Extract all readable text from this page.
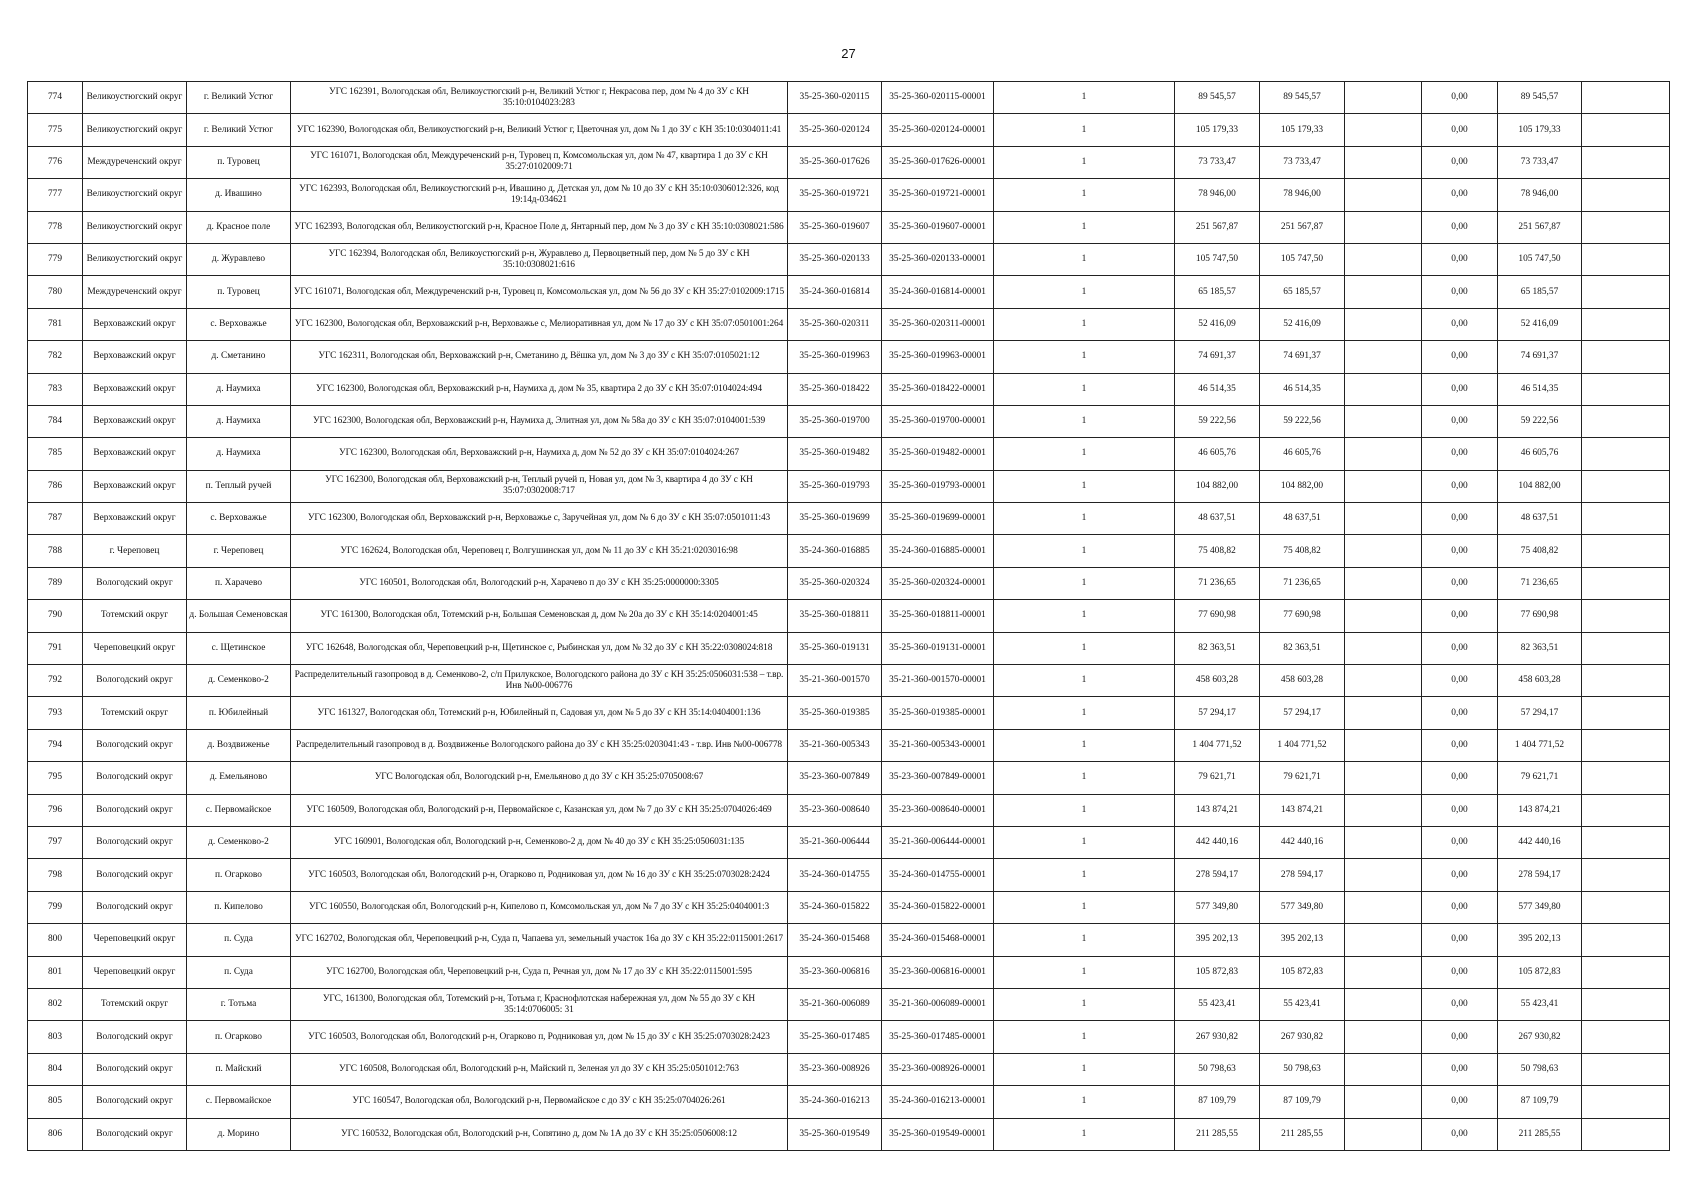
27
774	Великоустюгский округ	г. Великий Устюг	УГС 162391, Вологодская обл, Великоустюгский р-н, Великий Устюг г, Некрасова пер, дом № 4 до ЗУ с КН 35:10:0104023:283	35-25-360-020115	35-25-360-020115-00001	1	89 545,57	89 545,57		0,00	89 545,57	
775	Великоустюгский округ	г. Великий Устюг	УГС 162390, Вологодская обл, Великоустюгский р-н, Великий Устюг г, Цветочная ул, дом № 1 до ЗУ с КН 35:10:0304011:41	35-25-360-020124	35-25-360-020124-00001	1	105 179,33	105 179,33		0,00	105 179,33	
776	Междуреченский округ	п. Туровец	УГС 161071, Вологодская обл, Междуреченский р-н, Туровец п, Комсомольская ул, дом № 47, квартира 1 до ЗУ с КН 35:27:0102009:71	35-25-360-017626	35-25-360-017626-00001	1	73 733,47	73 733,47		0,00	73 733,47	
777	Великоустюгский округ	д. Ивашино	УГС 162393, Вологодская обл, Великоустюгский р-н, Ивашино д, Детская ул, дом № 10 до ЗУ с КН 35:10:0306012:326, код 19:14д-034621	35-25-360-019721	35-25-360-019721-00001	1	78 946,00	78 946,00		0,00	78 946,00	
778	Великоустюгский округ	д. Красное поле	УГС 162393, Вологодская обл, Великоустюгский р-н, Красное Поле д, Янтарный пер, дом № 3 до ЗУ с КН 35:10:0308021:586	35-25-360-019607	35-25-360-019607-00001	1	251 567,87	251 567,87		0,00	251 567,87	
779	Великоустюгский округ	д. Журавлево	УГС 162394, Вологодская обл, Великоустюгский р-н, Журавлево д, Первоцветный пер, дом № 5 до ЗУ с КН 35:10:0308021:616	35-25-360-020133	35-25-360-020133-00001	1	105 747,50	105 747,50		0,00	105 747,50	
780	Междуреченский округ	п. Туровец	УГС 161071, Вологодская обл, Междуреченский р-н, Туровец п, Комсомольская ул, дом № 56 до ЗУ с КН 35:27:0102009:1715	35-24-360-016814	35-24-360-016814-00001	1	65 185,57	65 185,57		0,00	65 185,57	
781	Верховажский округ	с. Верховажье	УГС 162300, Вологодская обл, Верховажский р-н, Верховажье с, Мелиоративная ул, дом № 17 до ЗУ с КН 35:07:0501001:264	35-25-360-020311	35-25-360-020311-00001	1	52 416,09	52 416,09		0,00	52 416,09	
782	Верховажский округ	д. Сметанино	УГС 162311, Вологодская обл, Верховажский р-н, Сметанино д, Вёшка ул, дом № 3 до ЗУ с КН 35:07:0105021:12	35-25-360-019963	35-25-360-019963-00001	1	74 691,37	74 691,37		0,00	74 691,37	
783	Верховажский округ	д. Наумиха	УГС 162300, Вологодская обл, Верховажский р-н, Наумиха д, дом № 35, квартира 2 до ЗУ с КН 35:07:0104024:494	35-25-360-018422	35-25-360-018422-00001	1	46 514,35	46 514,35		0,00	46 514,35	
784	Верховажский округ	д. Наумиха	УГС 162300, Вологодская обл, Верховажский р-н, Наумиха д, Элитная ул, дом № 58а до ЗУ с КН 35:07:0104001:539	35-25-360-019700	35-25-360-019700-00001	1	59 222,56	59 222,56		0,00	59 222,56	
785	Верховажский округ	д. Наумиха	УГС 162300, Вологодская обл, Верховажский р-н, Наумиха д, дом № 52 до ЗУ с КН 35:07:0104024:267	35-25-360-019482	35-25-360-019482-00001	1	46 605,76	46 605,76		0,00	46 605,76	
786	Верховажский округ	п. Теплый ручей	УГС 162300, Вологодская обл, Верховажский р-н, Теплый ручей п, Новая ул, дом № 3, квартира 4 до ЗУ с КН 35:07:0302008:717	35-25-360-019793	35-25-360-019793-00001	1	104 882,00	104 882,00		0,00	104 882,00	
787	Верховажский округ	с. Верховажье	УГС 162300, Вологодская обл, Верховажский р-н, Верховажье с, Заручейная ул, дом № 6 до ЗУ с КН 35:07:0501011:43	35-25-360-019699	35-25-360-019699-00001	1	48 637,51	48 637,51		0,00	48 637,51	
788	г. Череповец	г. Череповец	УГС 162624, Вологодская обл, Череповец г, Волгушинская ул, дом № 11 до ЗУ с КН 35:21:0203016:98	35-24-360-016885	35-24-360-016885-00001	1	75 408,82	75 408,82		0,00	75 408,82	
789	Вологодский округ	п. Харачево	УГС 160501, Вологодская обл, Вологодский р-н, Харачево п до ЗУ с КН 35:25:0000000:3305	35-25-360-020324	35-25-360-020324-00001	1	71 236,65	71 236,65		0,00	71 236,65	
790	Тотемский округ	д. Большая Семеновская	УГС 161300, Вологодская обл, Тотемский р-н, Большая Семеновская д, дом № 20а до ЗУ с КН 35:14:0204001:45	35-25-360-018811	35-25-360-018811-00001	1	77 690,98	77 690,98		0,00	77 690,98	
791	Череповецкий округ	с. Щетинское	УГС 162648, Вологодская обл, Череповецкий р-н, Щетинское с, Рыбинская ул, дом № 32 до ЗУ с КН 35:22:0308024:818	35-25-360-019131	35-25-360-019131-00001	1	82 363,51	82 363,51		0,00	82 363,51	
792	Вологодский округ	д. Семенково-2	Распределительный газопровод в д. Семенково-2, с/п Прилукское, Вологодского района до ЗУ с КН 35:25:0506031:538 – т.вр. Инв №00-006776	35-21-360-001570	35-21-360-001570-00001	1	458 603,28	458 603,28		0,00	458 603,28	
793	Тотемский округ	п. Юбилейный	УГС 161327, Вологодская обл, Тотемский р-н, Юбилейный п, Садовая ул, дом № 5 до ЗУ с КН 35:14:0404001:136	35-25-360-019385	35-25-360-019385-00001	1	57 294,17	57 294,17		0,00	57 294,17	
794	Вологодский округ	д. Воздвиженье	Распределительный газопровод в д. Воздвиженье Вологодского района до ЗУ с КН 35:25:0203041:43 - т.вр. Инв №00-006778	35-21-360-005343	35-21-360-005343-00001	1	1 404 771,52	1 404 771,52		0,00	1 404 771,52	
795	Вологодский округ	д. Емельяново	УГС Вологодская обл, Вологодский р-н, Емельяново д до ЗУ с КН 35:25:0705008:67	35-23-360-007849	35-23-360-007849-00001	1	79 621,71	79 621,71		0,00	79 621,71	
796	Вологодский округ	с. Первомайское	УГС 160509, Вологодская обл, Вологодский р-н, Первомайское с, Казанская ул, дом № 7 до ЗУ с КН 35:25:0704026:469	35-23-360-008640	35-23-360-008640-00001	1	143 874,21	143 874,21		0,00	143 874,21	
797	Вологодский округ	д. Семенково-2	УГС 160901, Вологодская обл, Вологодский р-н, Семенково-2 д, дом № 40 до ЗУ с КН 35:25:0506031:135	35-21-360-006444	35-21-360-006444-00001	1	442 440,16	442 440,16		0,00	442 440,16	
798	Вологодский округ	п. Огарково	УГС 160503, Вологодская обл, Вологодский р-н, Огарково п, Родниковая ул, дом № 16 до ЗУ с КН 35:25:0703028:2424	35-24-360-014755	35-24-360-014755-00001	1	278 594,17	278 594,17		0,00	278 594,17	
799	Вологодский округ	п. Кипелово	УГС 160550, Вологодская обл, Вологодский р-н, Кипелово п, Комсомольская ул, дом № 7 до ЗУ с КН 35:25:0404001:3	35-24-360-015822	35-24-360-015822-00001	1	577 349,80	577 349,80		0,00	577 349,80	
800	Череповецкий округ	п. Суда	УГС 162702, Вологодская обл, Череповецкий р-н, Суда п, Чапаева ул, земельный участок 16а до ЗУ с КН 35:22:0115001:2617	35-24-360-015468	35-24-360-015468-00001	1	395 202,13	395 202,13		0,00	395 202,13	
801	Череповецкий округ	п. Суда	УГС 162700, Вологодская обл, Череповецкий р-н, Суда п, Речная ул, дом № 17 до ЗУ с КН 35:22:0115001:595	35-23-360-006816	35-23-360-006816-00001	1	105 872,83	105 872,83		0,00	105 872,83	
802	Тотемский округ	г. Тотьма	УГС, 161300, Вологодская обл, Тотемский р-н, Тотьма г, Краснофлотская набережная ул, дом № 55 до ЗУ с КН 35:14:0706005: 31	35-21-360-006089	35-21-360-006089-00001	1	55 423,41	55 423,41		0,00	55 423,41	
803	Вологодский округ	п. Огарково	УГС 160503, Вологодская обл, Вологодский р-н, Огарково п, Родниковая ул, дом № 15 до ЗУ с КН 35:25:0703028:2423	35-25-360-017485	35-25-360-017485-00001	1	267 930,82	267 930,82		0,00	267 930,82	
804	Вологодский округ	п. Майский	УГС 160508, Вологодская обл, Вологодский р-н, Майский п, Зеленая ул до ЗУ с КН 35:25:0501012:763	35-23-360-008926	35-23-360-008926-00001	1	50 798,63	50 798,63		0,00	50 798,63	
805	Вологодский округ	с. Первомайское	УГС 160547, Вологодская обл, Вологодский р-н, Первомайское с до ЗУ с КН 35:25:0704026:261	35-24-360-016213	35-24-360-016213-00001	1	87 109,79	87 109,79		0,00	87 109,79	
806	Вологодский округ	д. Морино	УГС 160532, Вологодская обл, Вологодский р-н, Сопятино д, дом № 1А до ЗУ с КН 35:25:0506008:12	35-25-360-019549	35-25-360-019549-00001	1	211 285,55	211 285,55		0,00	211 285,55	
